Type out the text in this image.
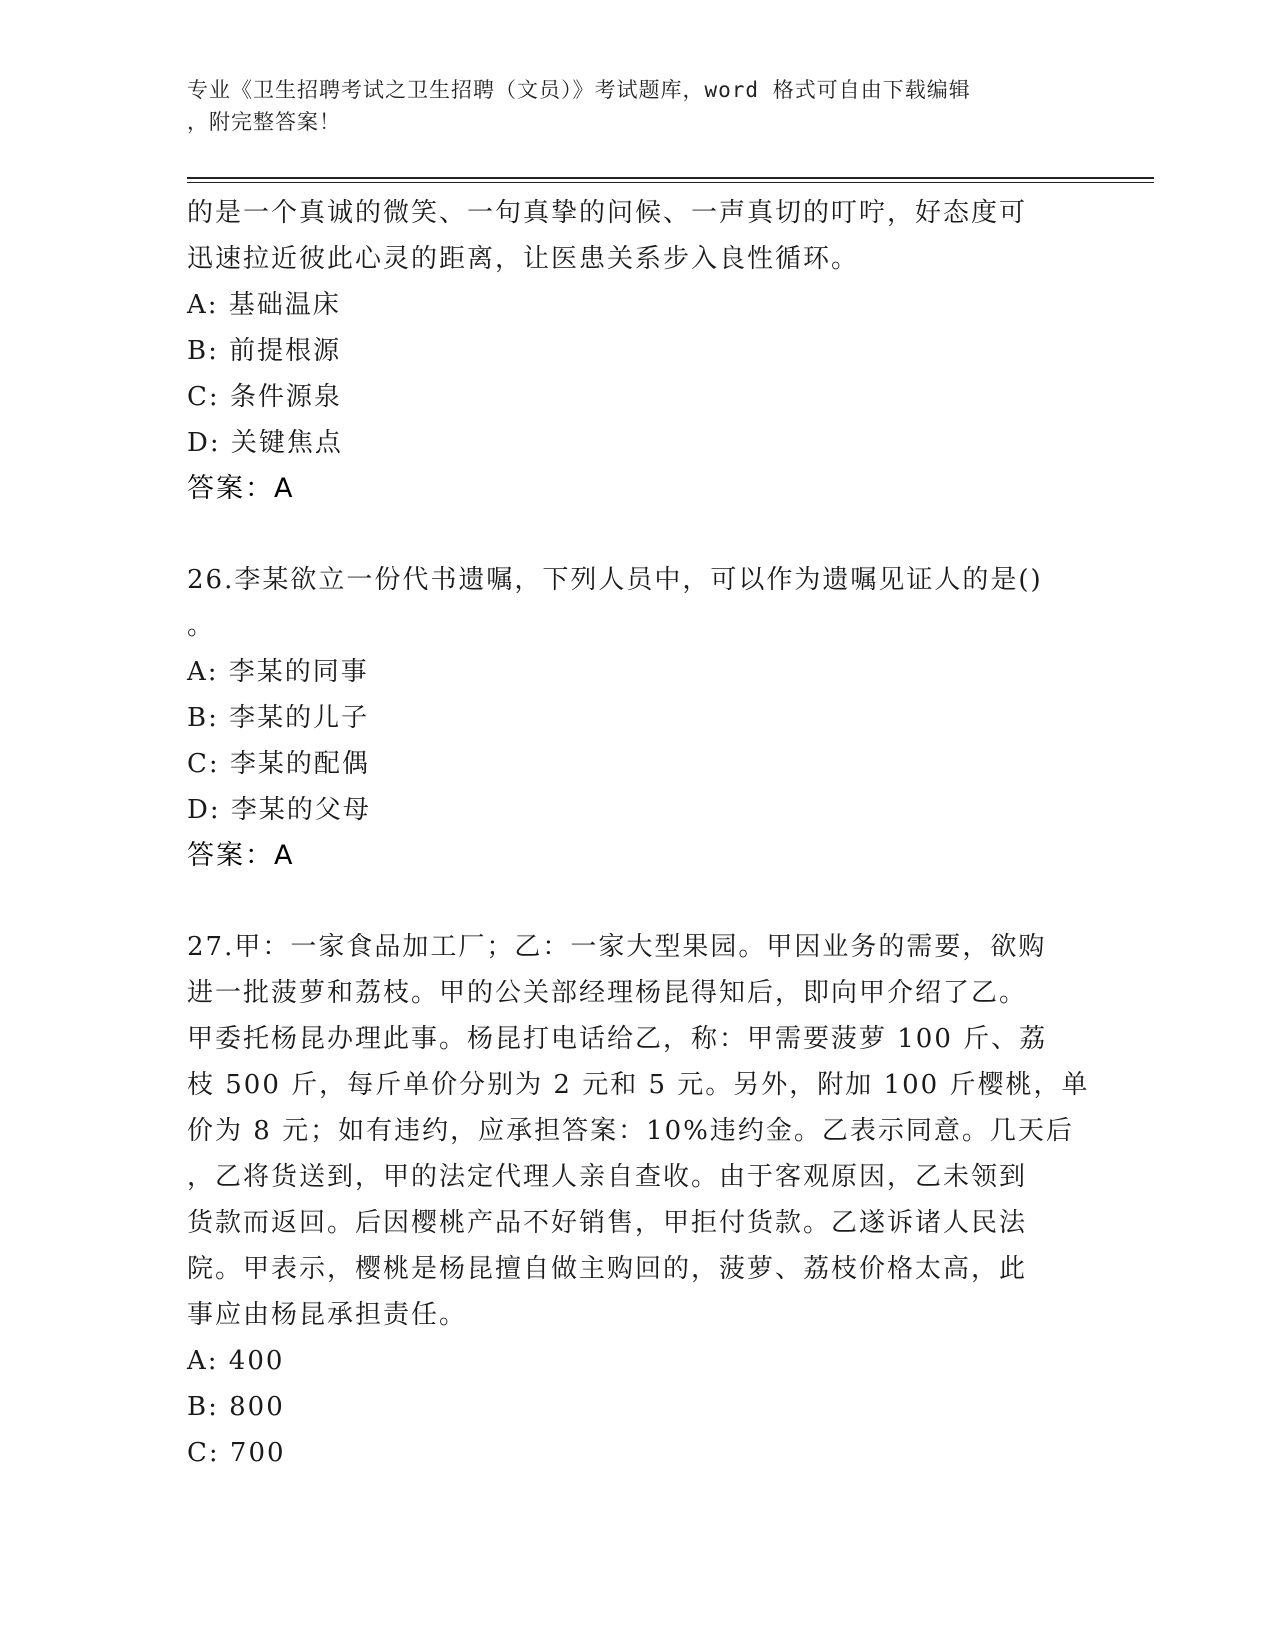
专业《卫生招聘考试之卫生招聘（文员）》考试题库，word 格式可自由下载编辑
，附完整答案！
的是一个真诚的微笑、一句真挚的问候、一声真切的叮咛，好态度可
迅速拉近彼此心灵的距离，让医患关系步入良性循环。
A: 基础温床
B: 前提根源
C: 条件源泉
D: 关键焦点
答案：A
26.李某欲立一份代书遗嘱，下列人员中，可以作为遗嘱见证人的是()
。
A: 李某的同事
B: 李某的儿子
C: 李某的配偶
D: 李某的父母
答案：A
27.甲：一家食品加工厂；乙：一家大型果园。甲因业务的需要，欲购
进一批菠萝和荔枝。甲的公关部经理杨昆得知后，即向甲介绍了乙。
甲委托杨昆办理此事。杨昆打电话给乙，称：甲需要菠萝 100 斤、荔
枝 500 斤，每斤单价分别为 2 元和 5 元。另外，附加 100 斤樱桃，单
价为 8 元；如有违约，应承担答案：10%违约金。乙表示同意。几天后
，乙将货送到，甲的法定代理人亲自查收。由于客观原因，乙未领到
货款而返回。后因樱桃产品不好销售，甲拒付货款。乙遂诉诸人民法
院。甲表示，樱桃是杨昆擅自做主购回的，菠萝、荔枝价格太高，此
事应由杨昆承担责任。
A: 400
B: 800
C: 700
